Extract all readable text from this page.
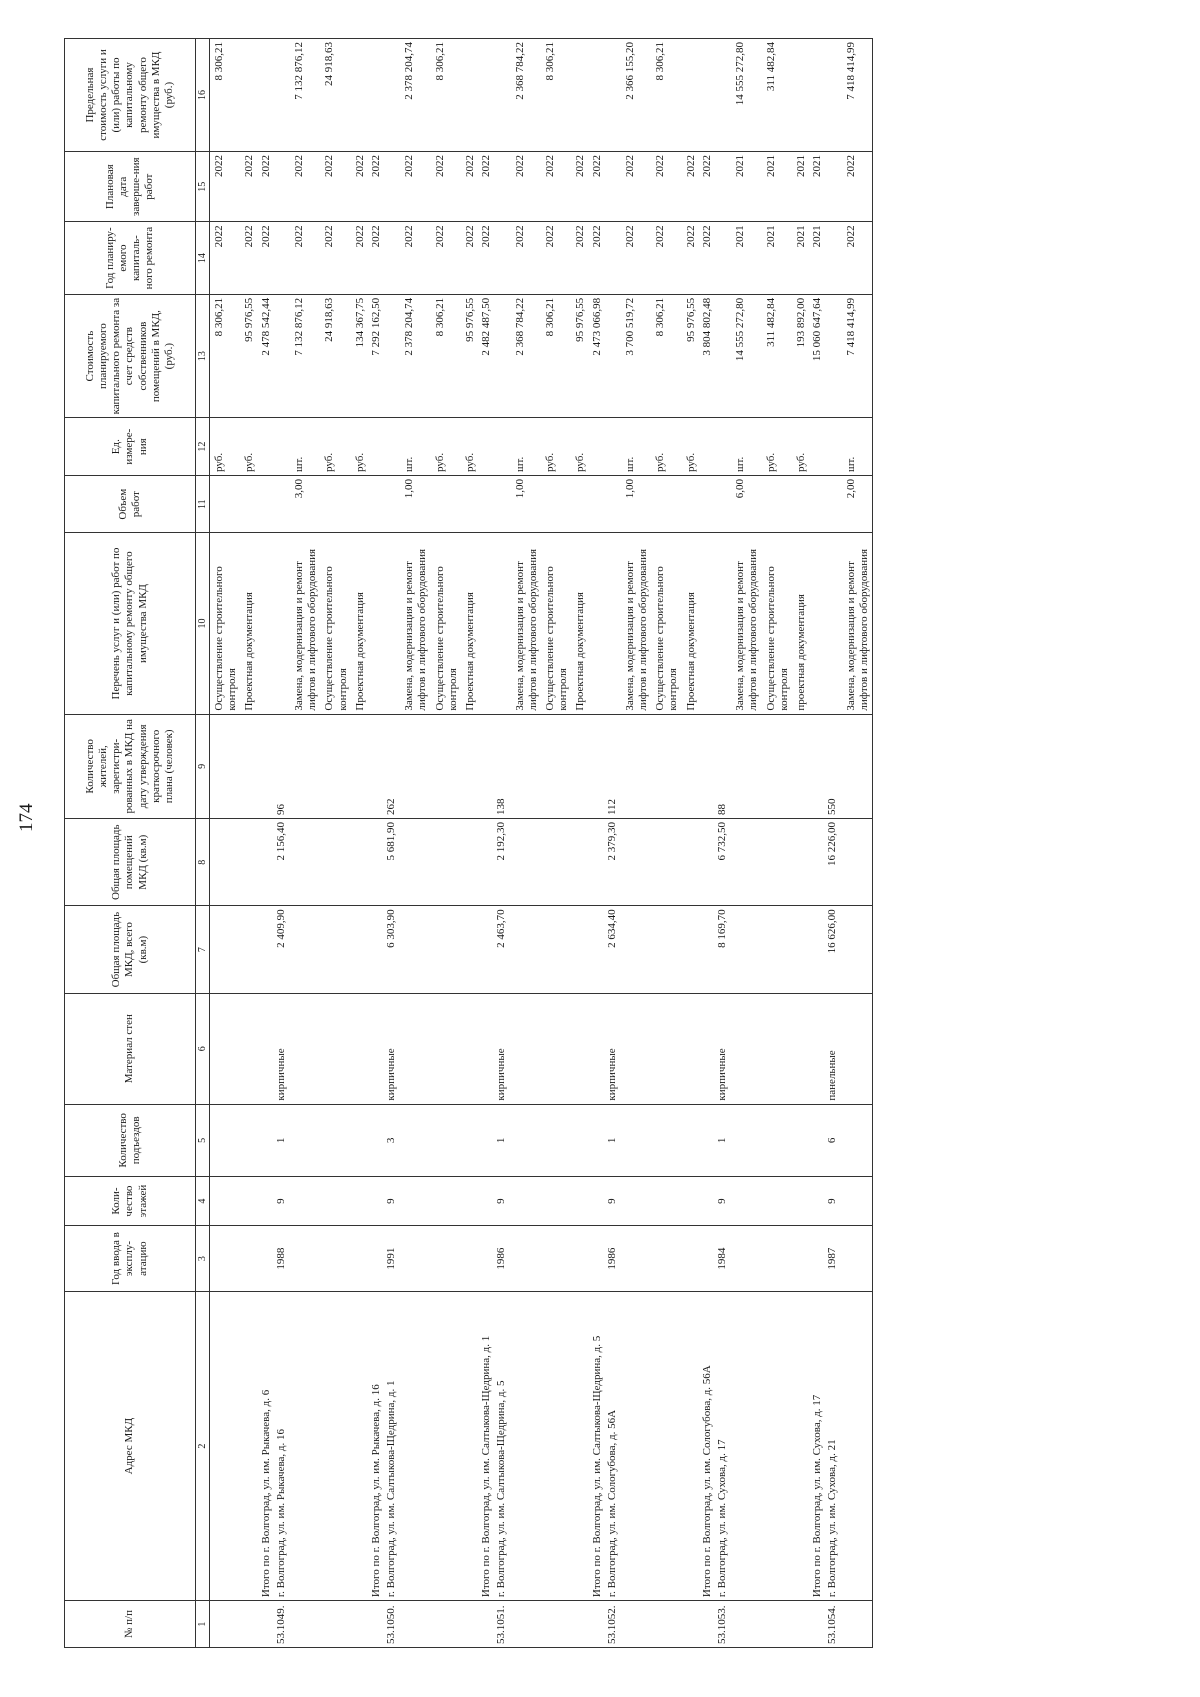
174
№ п/п	Адрес МКД	Год ввода в эксплу-атацию	Коли-чество этажей	Количество подъездов	Материал стен	Общая площадь МКД, всего (кв.м)	Общая площадь помещений МКД (кв.м)	Количество жителей, зарегистри-рованных в МКД на дату утверждения краткосрочного плана (человек)	Перечень услуг и (или) работ по капитальному ремонту общего имущества МКД	Объем работ	Ед. измере-ния	Стоимость планируемого капитального ремонта за счет средств собственников помещений в МКД, (руб.)	Год планиру-емого капиталь-ного ремонта	Плановая дата заверше-ния работ	Предельная стоимость услуги и (или) работы по капитальному ремонту общего имущества в МКД (руб.)
1	2	3	4	5	6	7	8	9	10	11	12	13	14	15	16
									Осуществление строительного контроля		руб.	8 306,21	2022	2022	8 306,21
									Проектная документация		руб.	95 976,55	2022	2022	
	Итого по г. Волгоград, ул. им. Рыкачева, д. 6											2 478 542,44	2022	2022	
53.1049.	г. Волгоград, ул. им. Рыкачева, д. 16	1988	9	1	кирпичные	2 409,90	2 156,40	96							
									Замена, модернизация и ремонт лифтов и лифтового оборудования	3,00	шт.	7 132 876,12	2022	2022	7 132 876,12
									Осуществление строительного контроля		руб.	24 918,63	2022	2022	24 918,63
									Проектная документация		руб.	134 367,75	2022	2022	
	Итого по г. Волгоград, ул. им. Рыкачева, д. 16											7 292 162,50	2022	2022	
53.1050.	г. Волгоград, ул. им. Салтыкова-Щедрина, д. 1	1991	9	3	кирпичные	6 303,90	5 681,90	262							
									Замена, модернизация и ремонт лифтов и лифтового оборудования	1,00	шт.	2 378 204,74	2022	2022	2 378 204,74
									Осуществление строительного контроля		руб.	8 306,21	2022	2022	8 306,21
									Проектная документация		руб.	95 976,55	2022	2022	
	Итого по г. Волгоград, ул. им. Салтыкова-Щедрина, д. 1											2 482 487,50	2022	2022	
53.1051.	г. Волгоград, ул. им. Салтыкова-Щедрина, д. 5	1986	9	1	кирпичные	2 463,70	2 192,30	138							
									Замена, модернизация и ремонт лифтов и лифтового оборудования	1,00	шт.	2 368 784,22	2022	2022	2 368 784,22
									Осуществление строительного контроля		руб.	8 306,21	2022	2022	8 306,21
									Проектная документация		руб.	95 976,55	2022	2022	
	Итого по г. Волгоград, ул. им. Салтыкова-Щедрина, д. 5											2 473 066,98	2022	2022	
53.1052.	г. Волгоград, ул. им. Сологубова, д. 56А	1986	9	1	кирпичные	2 634,40	2 379,30	112							
									Замена, модернизация и ремонт лифтов и лифтового оборудования	1,00	шт.	3 700 519,72	2022	2022	2 366 155,20
									Осуществление строительного контроля		руб.	8 306,21	2022	2022	8 306,21
									Проектная документация		руб.	95 976,55	2022	2022	
	Итого по г. Волгоград, ул. им. Сологубова, д. 56А											3 804 802,48	2022	2022	
53.1053.	г. Волгоград, ул. им. Сухова, д. 17	1984	9	1	кирпичные	8 169,70	6 732,50	88							
									Замена, модернизация и ремонт лифтов и лифтового оборудования	6,00	шт.	14 555 272,80	2021	2021	14 555 272,80
									Осуществление строительного контроля		руб.	311 482,84	2021	2021	311 482,84
									проектная документация		руб.	193 892,00	2021	2021	
	Итого по г. Волгоград, ул. им. Сухова, д. 17											15 060 647,64	2021	2021	
53.1054.	г. Волгоград, ул. им. Сухова, д. 21	1987	9	6	панельные	16 626,00	16 226,00	550							
									Замена, модернизация и ремонт лифтов и лифтового оборудования	2,00	шт.	7 418 414,99	2022	2022	7 418 414,99
